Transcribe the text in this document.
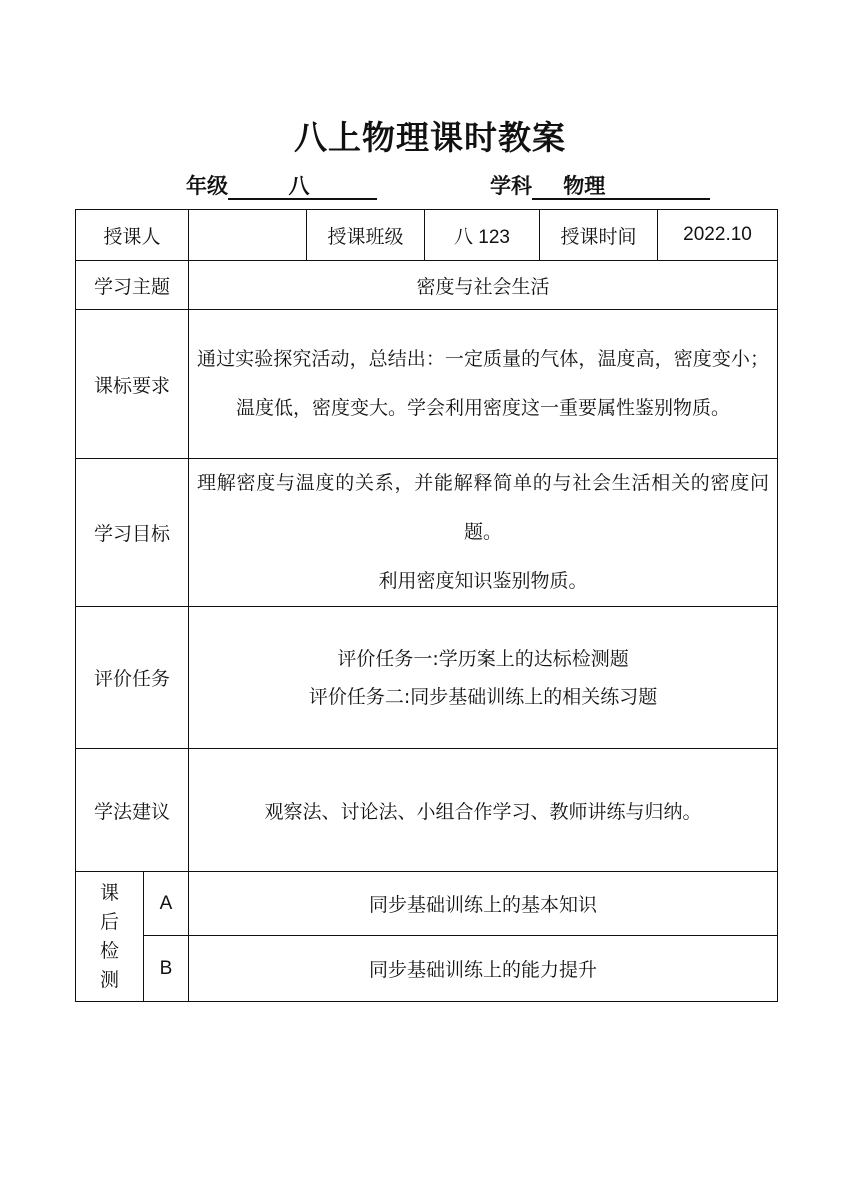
八上物理课时教案
年级	八	学科 物理
授课人			授课班级	八 123	授课时间	2022.10
学习主题		密度与社会生活				
课标要求		通过实验探究活动，总结出：一定质量的气体，温度高，密度变小；温度低，密度变大。学会利用密度这一重要属性鉴别物质。				
学习目标		理解密度与温度的关系，并能解释简单的与社会生活相关的密度问题。

利用密度知识鉴别物质。				

评价任务		评价任务一:学历案上的达标检测题

评价任务二:同步基础训练上的相关练习题				

学法建议		观察法、讨论法、小组合作学习、教师讲练与归纳。				

课
后
检
测	A	同步基础训练上的基本知识				
	B	同步基础训练上的能力提升				
